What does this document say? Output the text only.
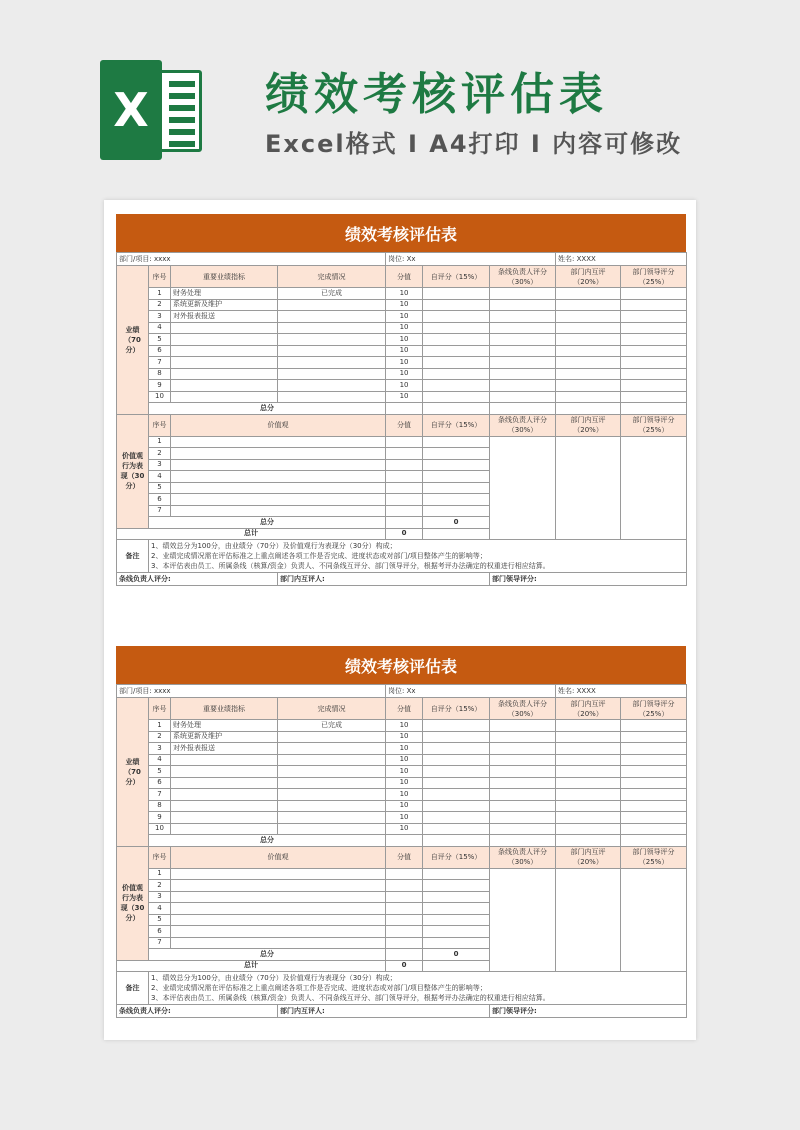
X	绩效考核评估表
Excel格式 I A4打印 I 内容可修改
绩效考核评估表
部门/项目: xxxx				岗位: Xx			姓名: XXXX		
业绩（70分）	序号	重要业绩指标	完成情况	分值	自评分（15%）	条线负责人评分（30%）	部门内互评（20%）	部门领导评分（25%）	
	1	财务处理	已完成	10					
	2	系统更新及维护		10					
	3	对外报表报送		10					
	4			10					
	5			10					
	6			10					
	7			10					
	8			10					
	9			10					
	10			10					
	总分								
价值观行为表现（30分）	序号	价值观		分值	自评分（15%）	条线负责人评分（30%）	部门内互评（20%）	部门领导评分（25%）	
	1								
	2								
	3								
	4								
	5								
	6								
	7								
	总分				0				
总计				0					
备注	1、绩效总分为100分，由业绩分（70分）及价值观行为表现分（30分）构成；
2、业绩完成情况需在评估标准之上重点阐述各项工作是否完成、进度状态或对部门/项目整体产生的影响等；
3、本评估表由员工、所属条线（核算/资金）负责人、不同条线互评分、部门领导评分，根据考评办法确定的权重进行相应结算。								

条线负责人评分:			部门内互评人:			部门领导评分:			
绩效考核评估表
部门/项目: xxxx				岗位: Xx			姓名: XXXX		
业绩（70分）	序号	重要业绩指标	完成情况	分值	自评分（15%）	条线负责人评分（30%）	部门内互评（20%）	部门领导评分（25%）	
	1	财务处理	已完成	10					
	2	系统更新及维护		10					
	3	对外报表报送		10					
	4			10					
	5			10					
	6			10					
	7			10					
	8			10					
	9			10					
	10			10					
	总分								
价值观行为表现（30分）	序号	价值观		分值	自评分（15%）	条线负责人评分（30%）	部门内互评（20%）	部门领导评分（25%）	
	1								
	2								
	3								
	4								
	5								
	6								
	7								
	总分				0				
总计				0					
备注	1、绩效总分为100分，由业绩分（70分）及价值观行为表现分（30分）构成；
2、业绩完成情况需在评估标准之上重点阐述各项工作是否完成、进度状态或对部门/项目整体产生的影响等；
3、本评估表由员工、所属条线（核算/资金）负责人、不同条线互评分、部门领导评分，根据考评办法确定的权重进行相应结算。								

条线负责人评分:			部门内互评人:			部门领导评分:			
